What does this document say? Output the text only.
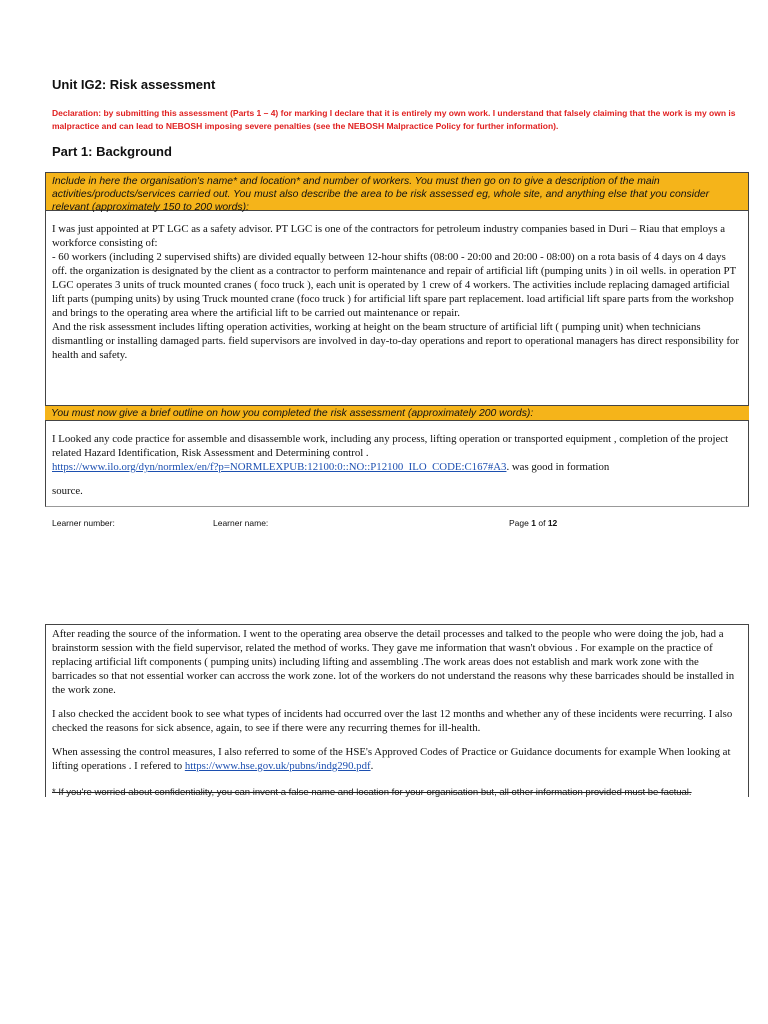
Unit IG2: Risk assessment

Declaration: by submitting this assessment (Parts 1 – 4) for marking I declare that it is entirely my own work. I understand that falsely claiming that the work is my own is malpractice and can lead to NEBOSH imposing severe penalties (see the NEBOSH Malpractice Policy for further information).

Part 1: Background
Include in here the organisation's name* and location* and number of workers. You must then go on to give a description of the main activities/products/services carried out. You must also describe the area to be risk assessed eg, whole site, and anything else that you consider relevant (approximately 150 to 200 words):

I was just appointed at PT LGC as a safety advisor. PT LGC is one of the contractors for petroleum industry companies based in Duri – Riau that employs a workforce consisting of:

- 60 workers (including 2 supervised shifts) are divided equally between 12-hour shifts (08:00 - 20:00 and 20:00 - 08:00) on a rota basis of 4 days on 4 days off. the organization is designated by the client as a contractor to perform maintenance and repair of artificial lift (pumping units ) in oil wells. in operation PT LGC operates 3 units of truck mounted cranes ( foco truck ), each unit is operated by 1 crew of 4 workers. The activities include replacing damaged artificial lift parts (pumping units) by using Truck mounted crane (foco truck ) for artificial lift spare part replacement. load artificial lift spare parts from the workshop and brings to the operating area where the artificial lift to be carried out maintenance or repair.

And the risk assessment includes lifting operation activities, working at height on the beam structure of artificial lift ( pumping unit) when technicians dismantling or installing damaged parts. field supervisors are involved in day-to-day operations and report to operational managers has direct responsibility for health and safety.

You must now give a brief outline on how you completed the risk assessment (approximately 200 words):

I Looked any code practice for assemble and disassemble work, including any process, lifting operation or transported equipment , completion of the project related Hazard Identification, Risk Assessment and Determining control .
https://www.ilo.org/dyn/normlex/en/f?p=NORMLEXPUB:12100:0::NO::P12100_ILO_CODE:C167#A3. was good in formation

source.

Learner number:	Learner name:	Page 1 of 12

After reading the source of the information. I went to the operating area observe the detail processes and talked to the people who were doing the job, had a brainstorm session with the field supervisor, related the method of works. They gave me information that wasn't obvious . For example on the practice of replacing artificial lift components ( pumping units) including lifting and assembling .The work areas does not establish and mark work zone with the barricades so that not essential worker can accross the work zone. lot of the workers do not understand the reasons why these barricades should be installed in the work zone.

I also checked the accident book to see what types of incidents had occurred over the last 12 months and whether any of these incidents were recurring. I also checked the reasons for sick absence, again, to see if there were any recurring themes for ill-health.

When assessing the control measures, I also referred to some of the HSE's Approved Codes of Practice or Guidance documents for example When looking at lifting operations . I refered to https://www.hse.gov.uk/pubns/indg290.pdf.

* If you're worried about confidentiality, you can invent a false name and location for your organisation but, all other information provided must be factual.
